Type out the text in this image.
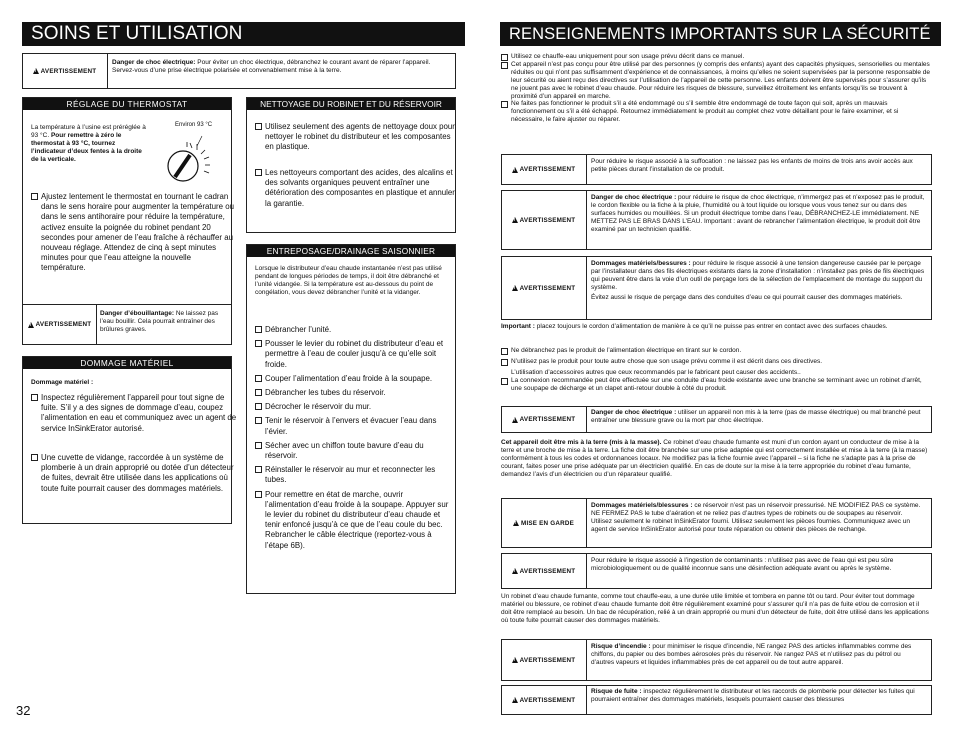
SOINS ET UTILISATION
!
AVERTISSEMENT
Danger de choc électrique: Pour éviter un choc électrique, débranchez le courant avant de réparer l’appareil. Servez-vous d’une prise électrique polarisée et convenablement mise à la terre.
RÉGLAGE DU THERMOSTAT
La température à l’usine est préréglée à 93 °C. Pour remettre à zéro le thermostat à 93 °C, tournez l’indicateur d’deux fentes à la droite de la verticale.
Environ 93 °C
Ajustez lentement le thermostat en tournant le cadran dans le sens horaire pour augmenter la température ou dans le sens antihoraire pour réduire la température, activez ensuite la poignée du robinet pendant 20 secondes pour amener de l’eau fraîche à réchauffer au nouveau réglage. Attendez de cinq à sept minutes minutes pour que l’eau atteigne la nouvelle température.
!
AVERTISSEMENT
Danger d’ébouillantage: Ne laissez pas l’eau bouillir. Cela pourrait entraîner des brûlures graves.
DOMMAGE MATÉRIEL
Dommage matériel :
Inspectez régulièrement l’appareil pour tout signe de fuite. S’il y a des signes de dommage d’eau, coupez l’alimentation en eau et communiquez avec un agent de service InSinkErator autorisé.
Une cuvette de vidange, raccordée à un système de plomberie à un drain approprié ou dotée d’un détecteur de fuites, devrait être utilisée dans les applications où toute fuite pourrait causer des dommages matériels.
NETTOYAGE DU ROBINET ET DU RÉSERVOIR
Utilisez seulement des agents de nettoyage doux pour nettoyer le robinet du distributeur et les composantes en plastique.
Les nettoyeurs comportant des acides, des alcalins et des solvants organiques peuvent entraîner une détérioration des composantes en plastique et annuler la garantie.
ENTREPOSAGE/DRAINAGE SAISONNIER
Lorsque le distributeur d’eau chaude instantanée n’est pas utilisé pendant de longues périodes de temps, il doit être débranché et l’unité vidangée. Si la température est au-dessous du point de congélation, vous devez débrancher l’unité et la vidanger.
Débrancher l’unité.
Pousser le levier du robinet du distributeur d’eau et permettre à l’eau de couler jusqu’à ce qu’elle soit froide.
Couper l’alimentation d’eau froide à la soupape.
Débrancher les tubes du réservoir.
Décrocher le réservoir du mur.
Tenir le réservoir à l’envers et évacuer l’eau dans l’évier.
Sécher avec un chiffon toute bavure d’eau du réservoir.
Réinstaller le réservoir au mur et reconnecter les tubes.
Pour remettre en état de marche, ouvrir l’alimentation d’eau froide à la soupape. Appuyer sur le levier du robinet du distributeur d’eau chaude et tenir enfoncé jusqu’à ce que de l’eau coule du bec. Rebrancher le câble électrique (reportez-vous à l’étape 6B).
32
RENSEIGNEMENTS IMPORTANTS SUR LA SÉCURITÉ
Utilisez ce chauffe-eau uniquement pour son usage prévu décrit dans ce manuel.
Cet appareil n’est pas conçu pour être utilisé par des personnes (y compris des enfants) ayant des capacités physiques, sensorielles ou mentales réduites ou qui n’ont pas suffisamment d’expérience et de connaissances, à moins qu’elles ne soient supervisées par la personne responsable de leur sécurité ou aient reçu des directives sur l’utilisation de l’appareil de cette personne. Les enfants doivent être supervisés pour s’assurer qu’ils ne jouent pas avec le robinet d’eau chaude. Pour réduire les risques de blessure, surveillez étroitement les enfants lorsqu’ils se trouvent à proximité d’un appareil en marche.
Ne faites pas fonctionner le produit s’il a été endommagé ou s’il semble être endommagé de toute façon qui soit, après un mauvais fonctionnement ou s’il a été échappé. Retournez immédiatement le produit au complet chez votre détaillant pour le faire examiner, et si nécessaire, le faire ajuster ou réparer.
!
AVERTISSEMENT
Pour réduire le risque associé à la suffocation : ne laissez pas les enfants de moins de trois ans avoir accès aux petite pièces durant l’installation de ce produit.
!
AVERTISSEMENT
Danger de choc électrique : pour réduire le risque de choc électrique, n’immergez pas et n’exposez pas le produit, le cordon flexible ou la fiche à la pluie, l’humidité ou à tout liquide ou lorsque vous vous tenez sur ou dans des surfaces humides ou mouillées. Si un produit électrique tombe dans l’eau, DÉBRANCHEZ-LE immédiatement. NE METTEZ PAS LE BRAS DANS L’EAU. Important : avant de rebrancher l’alimentation électrique, le produit doit être examiné par un technicien qualifié.
!
AVERTISSEMENT
Dommages matériels/bessures : pour réduire le risque associé à une tension dangereuse causée par le perçage par l’installateur dans des fils électriques existants dans la zone d’installation : n’installez pas près de fils électriques qui peuvent être dans la voie d’un outil de perçage lors de la sélection de l’emplacement de montage du support du système.

Évitez aussi le risque de perçage dans des conduites d’eau ce qui pourrait causer des dommages matériels.

Important : placez toujours le cordon d’alimentation de manière à ce qu’il ne puisse pas entrer en contact avec des surfaces chaudes.
Ne débranchez pas le produit de l’alimentation électrique en tirant sur le cordon.
N’utilisez pas le produit pour toute autre chose que son usage prévu comme il est décrit dans ces directives.
L’utilisation d’accessoires autres que ceux recommandés par le fabricant peut causer des accidents..
La connexion recommandée peut être effectuée sur une conduite d’eau froide existante avec une branche se terminant avec un robinet d’arrêt, une soupape de décharge et un clapet anti-retour double à côté du produit.
!
AVERTISSEMENT
Danger de choc électrique : utiliser un appareil non mis à la terre (pas de masse électrique) ou mal branché peut entraîner une blessure grave ou la mort par choc électrique.
Cet appareil doit être mis à la terre (mis à la masse). Ce robinet d’eau chaude fumante est muni d’un cordon ayant un conducteur de mise à la terre et une broche de mise à la terre. La fiche doit être branchée sur une prise adaptée qui est correctement installée et mise à la terre (à la masse) conformément à tous les codes et ordonnances locaux. Ne modifiez pas la fiche fournie avec l’appareil – si la fiche ne s’adapte pas à la prise de courant, faites poser une prise adéquate par un électricien qualifié. En cas de doute sur la mise à la terre appropriée du robinet d’eau fumante, demandez l’avis d’un électricien ou d’un réparateur qualifié.
!
MISE EN GARDE
Dommages matériels/blessures : ce réservoir n’est pas un réservoir pressurisé. NE MODIFIEZ PAS ce système. NE FERMEZ PAS le tube d’aération et ne reliez pas d’autres types de robinets ou de soupapes au réservoir. Utilisez seulement le robinet InSinkErator fourni. Utilisez seulement les pièces fournies. Communiquez avec un agent de service InSinkErator autorisé pour toute réparation ou obtenir des pièces de rechange.
!
AVERTISSEMENT
Pour réduire le risque associé à l’ingestion de contaminants : n’utilisez pas avec de l’eau qui est peu sûre microbiologiquement ou de qualité inconnue sans une désinfection adéquate avant ou après le système.
Un robinet d’eau chaude fumante, comme tout chauffe-eau, a une durée utile limitée et tombera en panne tôt ou tard. Pour éviter tout dommage matériel ou blessure, ce robinet d’eau chaude fumante doit être régulièrement examiné pour s’assurer qu’il n’a pas de fuite et/ou de corrosion et il doit être remplacé au besoin. Un bac de récupération, relié à un drain approprié ou muni d’un détecteur de fuite, doit être utilisé dans les applications où toute fuite pourrait causer des dommages matériels.
!
AVERTISSEMENT
Risque d’incendie : pour minimiser le risque d’incendie, NE rangez PAS des articles inflammables comme des chiffons, du papier ou des bombes aérosoles près du réservoir. Ne rangez PAS et n’utilisez pas du pétrol ou d’autres vapeurs et liquides inflammables près de cet appareil ou de tout autre appareil.
!
AVERTISSEMENT
Risque de fuite : inspectez régulièrement le distributeur et les raccords de plomberie pour détecter les fuites qui pourraient entraîner des dommages matériels, lesquels pourraient causer des blessures
